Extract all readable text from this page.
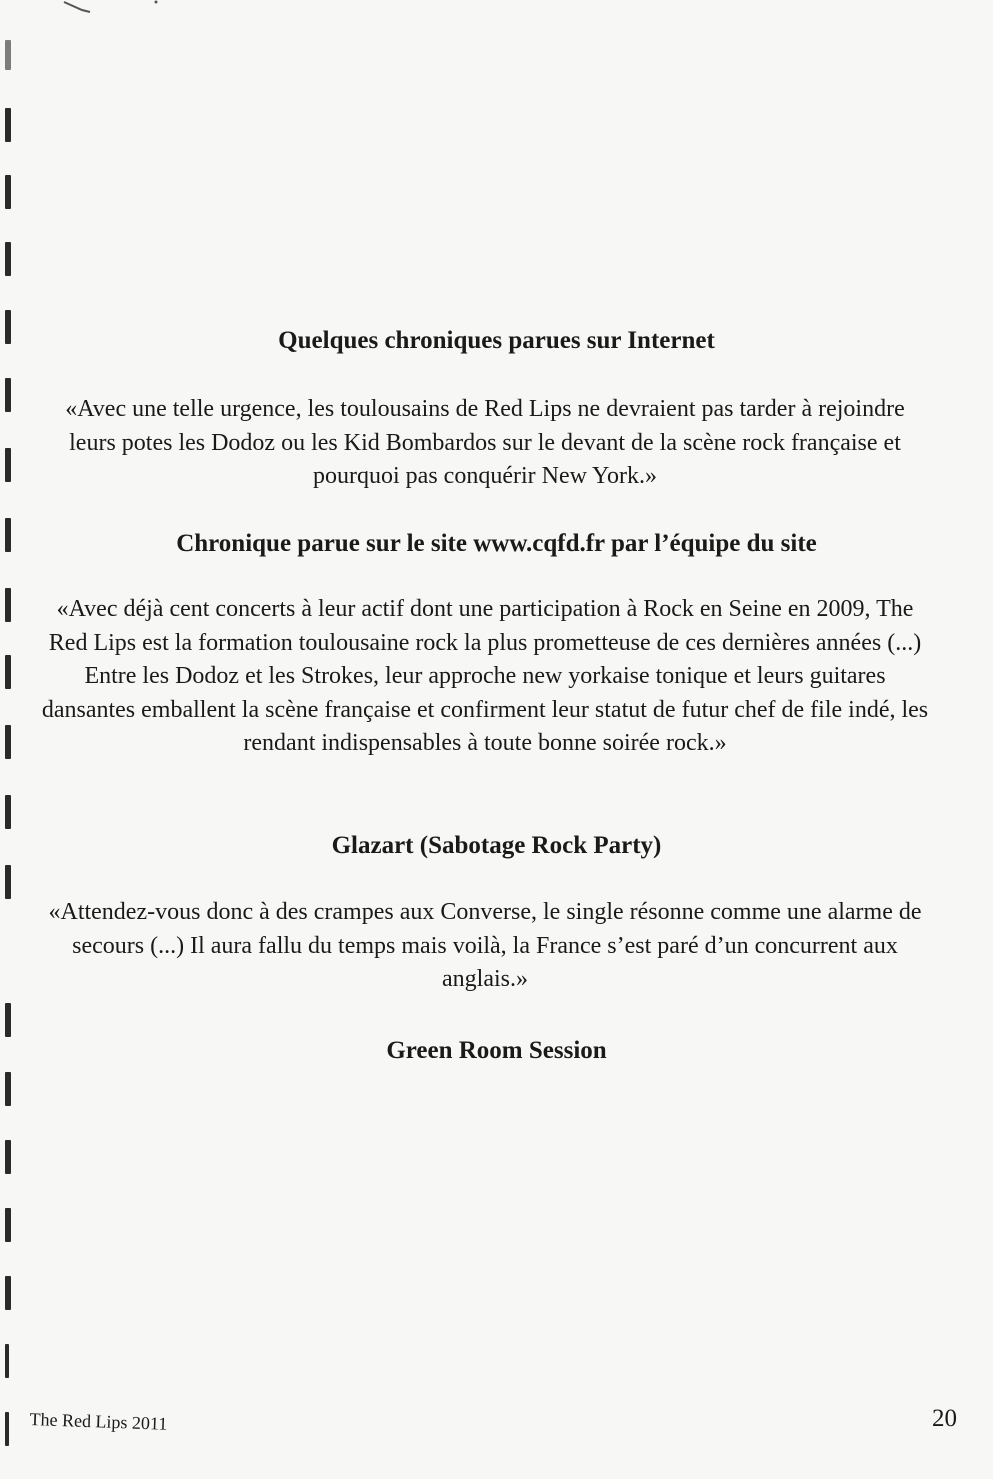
Quelques chroniques parues sur Internet
«Avec une telle urgence, les toulousains de Red Lips ne devraient pas tarder à rejoindre leurs potes les Dodoz ou les Kid Bombardos sur le devant de la scène rock française et pourquoi pas conquérir New York.»
Chronique parue sur le site www.cqfd.fr par l’équipe du site
«Avec déjà cent concerts à leur actif dont une participation à Rock en Seine en 2009, The Red Lips est la formation toulousaine rock la plus prometteuse de ces dernières années (...) Entre les Dodoz et les Strokes, leur approche new yorkaise tonique et leurs guitares dansantes emballent la scène française et confirment leur statut de futur chef de file indé, les rendant indispensables à toute bonne soirée rock.»
Glazart (Sabotage Rock Party)
«Attendez-vous donc à des crampes aux Converse, le single résonne comme une alarme de secours (...) Il aura fallu du temps mais voilà, la France s’est paré d’un concurrent aux anglais.»
Green Room Session
The Red Lips 2011	20
